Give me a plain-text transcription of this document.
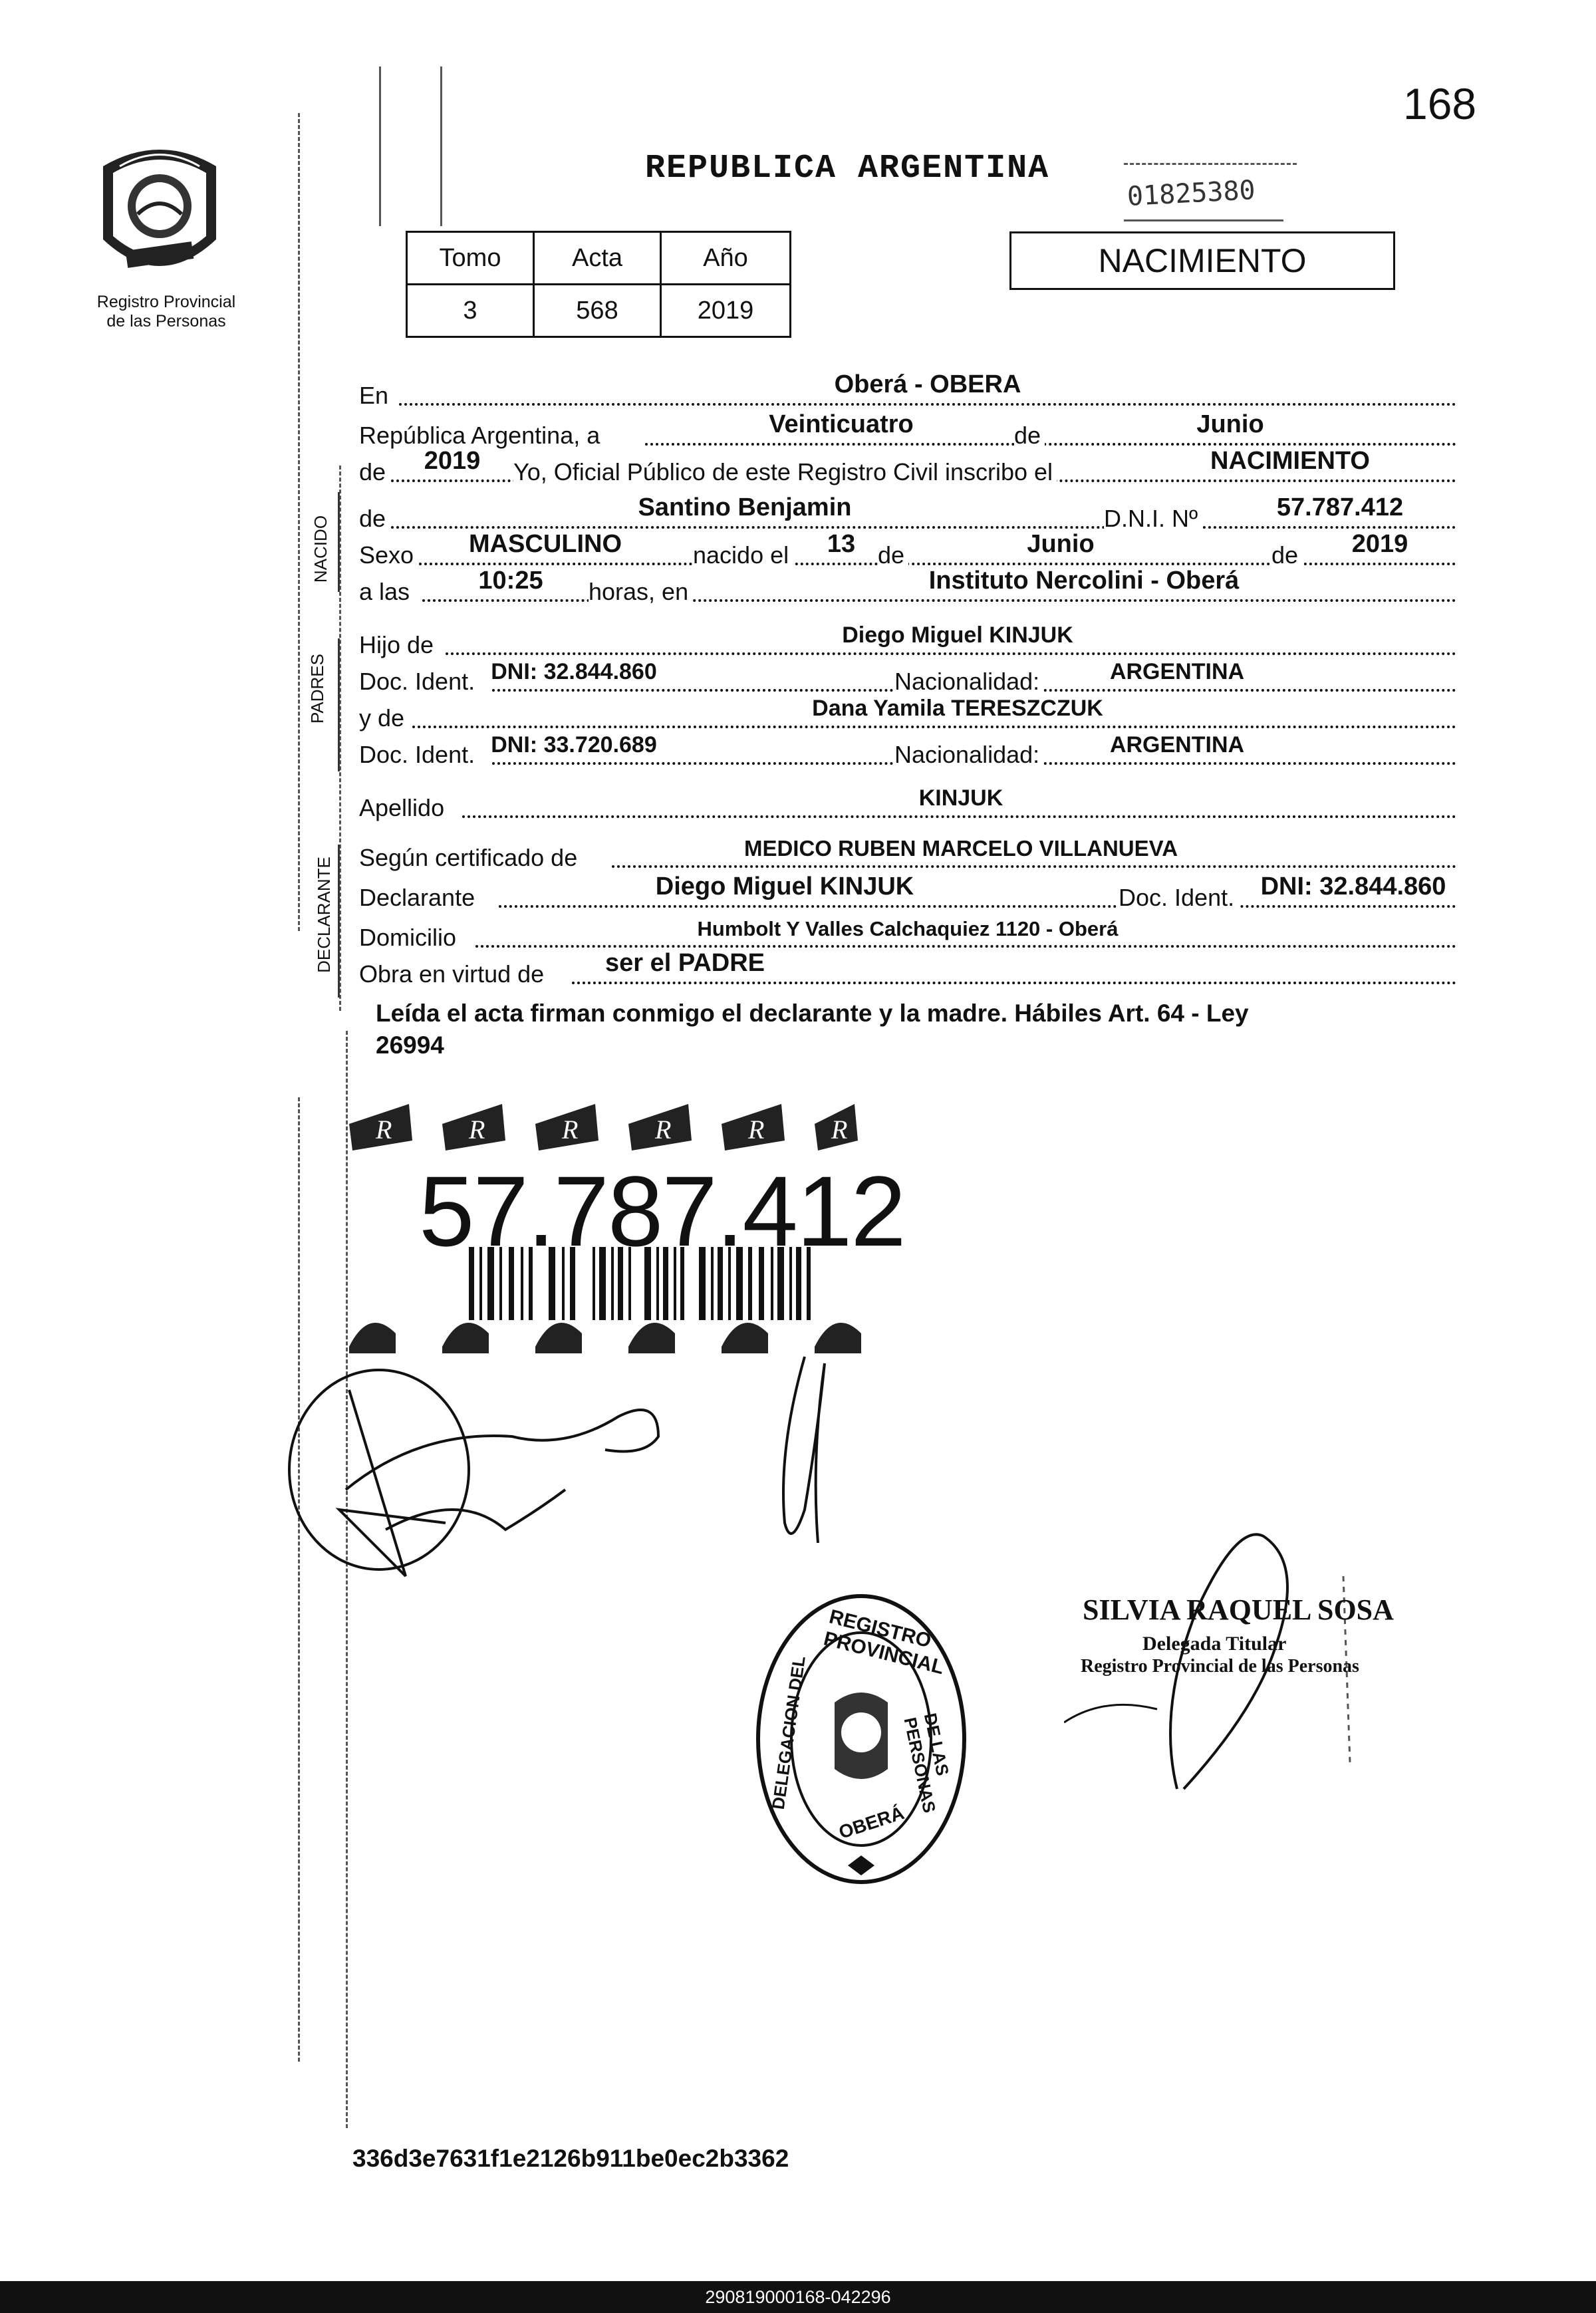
168
Registro Provincial
de las Personas
REPUBLICA ARGENTINA
01825380
Tomo	Acta	Año
3	568	2019
NACIMIENTO
NACIDO
PADRES
DECLARANTE
En	Oberá - OBERA
República Argentina, a	Veinticuatro	de	Junio
de 2019 Yo, Oficial Público de este Registro Civil inscribo el	NACIMIENTO
de	Santino Benjamin	D.N.I. Nº	57.787.412
Sexo MASCULINO	nacido el 13 de	Junio	de 2019
a las	10:25 horas, en	Instituto Nercolini - Oberá
Hijo de	Diego Miguel KINJUK
Doc. Ident. DNI: 32.844.860	Nacionalidad:	ARGENTINA
y de	Dana Yamila TERESZCZUK
Doc. Ident. DNI: 33.720.689	Nacionalidad:	ARGENTINA
Apellido	KINJUK
Según certificado de	MEDICO RUBEN MARCELO VILLANUEVA
Declarante	Diego Miguel KINJUK	Doc. Ident. DNI: 32.844.860
Domicilio	Humbolt Y Valles Calchaquiez 1120 - Oberá
Obra en virtud de ser el PADRE
Leída el acta firman conmigo el declarante y la madre. Hábiles Art. 64 - Ley
26994
R	R	R	R	R	R
57.787.412
REGISTRO PROVINCIAL
DELEGACION DEL	DE LAS PERSONAS
OBERÁ
SILVIA RAQUEL SOSA
Delegada Titular
Registro Provincial de las Personas
336d3e7631f1e2126b911be0ec2b3362
290819000168-042296
